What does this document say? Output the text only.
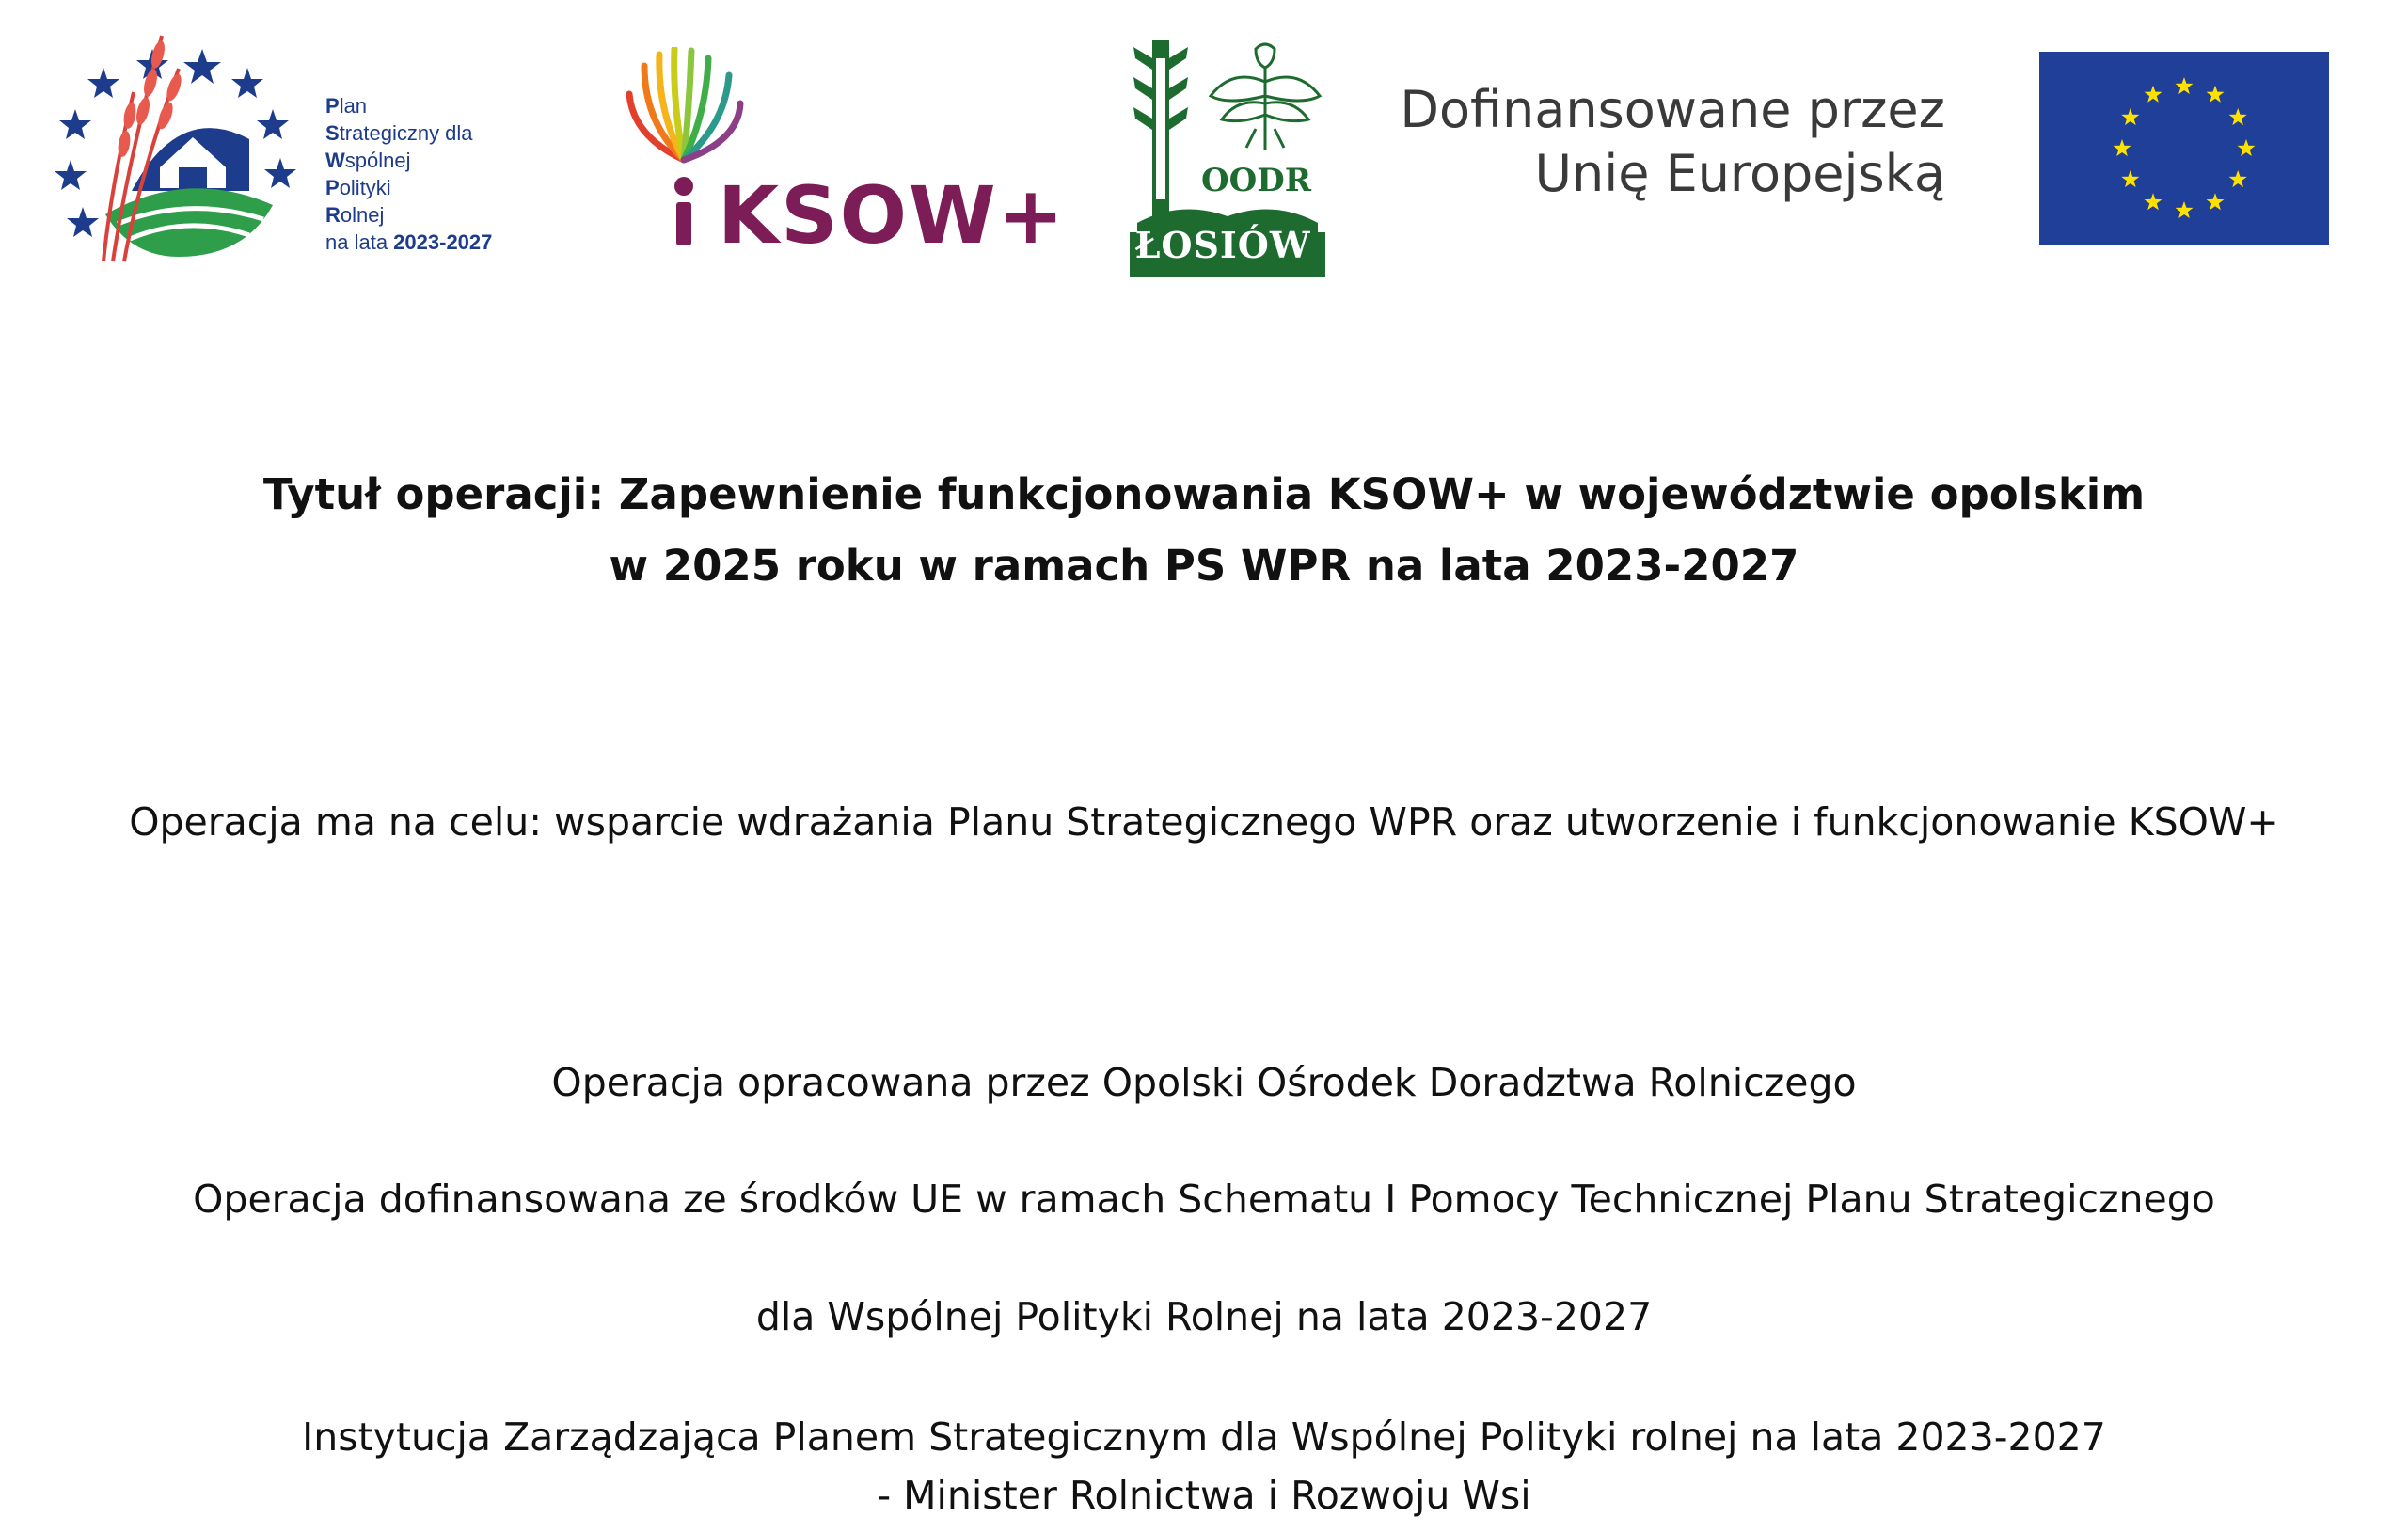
Plan
Strategiczny dla
Wspólnej
Polityki
Rolnej
na lata 2023-2027	KSOW+	OODR
ŁOSIÓW
Dofinansowane przez
Unię Europejską
Tytuł operacji: Zapewnienie funkcjonowania KSOW+ w województwie opolskim
w 2025 roku w ramach PS WPR na lata 2023-2027
Operacja ma na celu: wsparcie wdrażania Planu Strategicznego WPR oraz utworzenie i funkcjonowanie KSOW+
Operacja opracowana przez Opolski Ośrodek Doradztwa Rolniczego
Operacja dofinansowana ze środków UE w ramach Schematu I Pomocy Technicznej Planu Strategicznego
dla Wspólnej Polityki Rolnej na lata 2023-2027
Instytucja Zarządzająca Planem Strategicznym dla Wspólnej Polityki rolnej na lata 2023-2027
- Minister Rolnictwa i Rozwoju Wsi
